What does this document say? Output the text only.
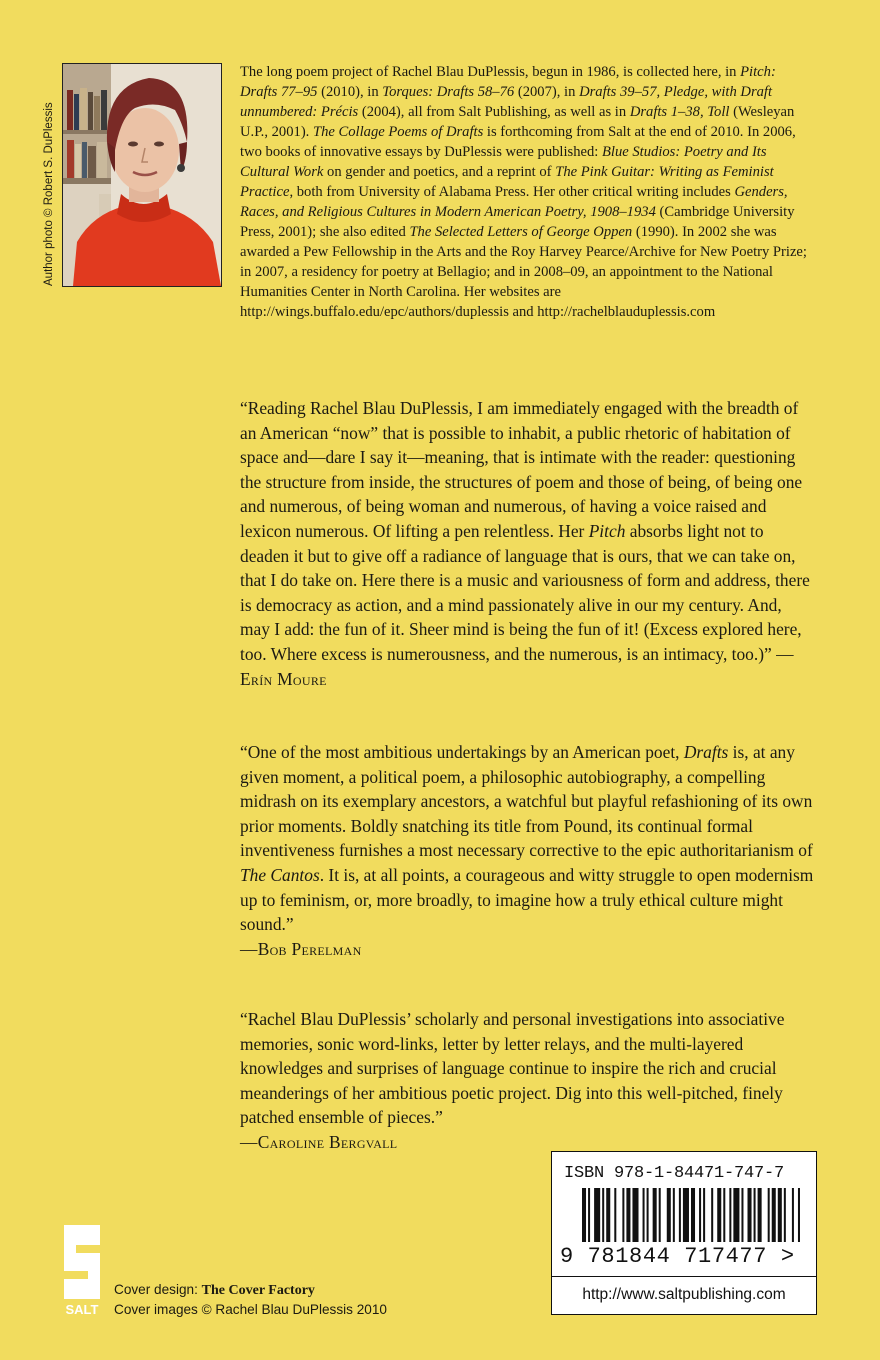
Author photo © Robert S. DuPlessis

The long poem project of Rachel Blau DuPlessis, begun in 1986, is collected here, in Pitch: Drafts 77–95 (2010), in Torques: Drafts 58–76 (2007), in Drafts 39–57, Pledge, with Draft unnumbered: Précis (2004), all from Salt Publishing, as well as in Drafts 1–38, Toll (Wesleyan U.P., 2001). The Collage Poems of Drafts is forthcoming from Salt at the end of 2010. In 2006, two books of innovative essays by DuPlessis were published: Blue Studios: Poetry and Its Cultural Work on gender and poetics, and a reprint of The Pink Guitar: Writing as Feminist Practice, both from University of Alabama Press. Her other critical writing includes Genders, Races, and Religious Cultures in Modern American Poetry, 1908–1934 (Cambridge University Press, 2001); she also edited The Selected Letters of George Oppen (1990). In 2002 she was awarded a Pew Fellowship in the Arts and the Roy Harvey Pearce/Archive for New Poetry Prize; in 2007, a residency for poetry at Bellagio; and in 2008–09, an appointment to the National Humanities Center in North Carolina. Her websites are http://wings.buffalo.edu/epc/authors/duplessis and http://rachelblauduplessis.com

“Reading Rachel Blau DuPlessis, I am immediately engaged with the breadth of an American “now” that is possible to inhabit, a public rhetoric of habitation of space and—dare I say it—meaning, that is intimate with the reader: questioning the structure from inside, the structures of poem and those of being, of being one and numerous, of being woman and numerous, of having a voice raised and lexicon numerous. Of lifting a pen relentless. Her Pitch absorbs light not to deaden it but to give off a radiance of language that is ours, that we can take on, that I do take on. Here there is a music and variousness of form and address, there is democracy as action, and a mind passionately alive in our my century. And, may I add: the fun of it. Sheer mind is being the fun of it! (Excess explored here, too. Where excess is numerousness, and the numerous, is an intimacy, too.)” —Erín Moure

“One of the most ambitious undertakings by an American poet, Drafts is, at any given moment, a political poem, a philosophic autobiography, a compelling midrash on its exemplary ancestors, a watchful but playful refashioning of its own prior moments. Boldly snatching its title from Pound, its continual formal inventiveness furnishes a most necessary corrective to the epic authoritarianism of The Cantos. It is, at all points, a courageous and witty struggle to open modernism up to feminism, or, more broadly, to imagine how a truly ethical culture might sound.”

—Bob Perelman

“Rachel Blau DuPlessis’ scholarly and personal investigations into associative memories, sonic word-links, letter by letter relays, and the multi-layered knowledges and surprises of language continue to inspire the rich and crucial meanderings of her ambitious poetic project. Dig into this well-pitched, finely patched ensemble of pieces.”

—Caroline Bergvall

ISBN 978-1-84471-747-7
9 781844 717477 >
http://www.saltpublishing.com
SALT
Cover design: The Cover Factory
Cover images © Rachel Blau DuPlessis 2010
